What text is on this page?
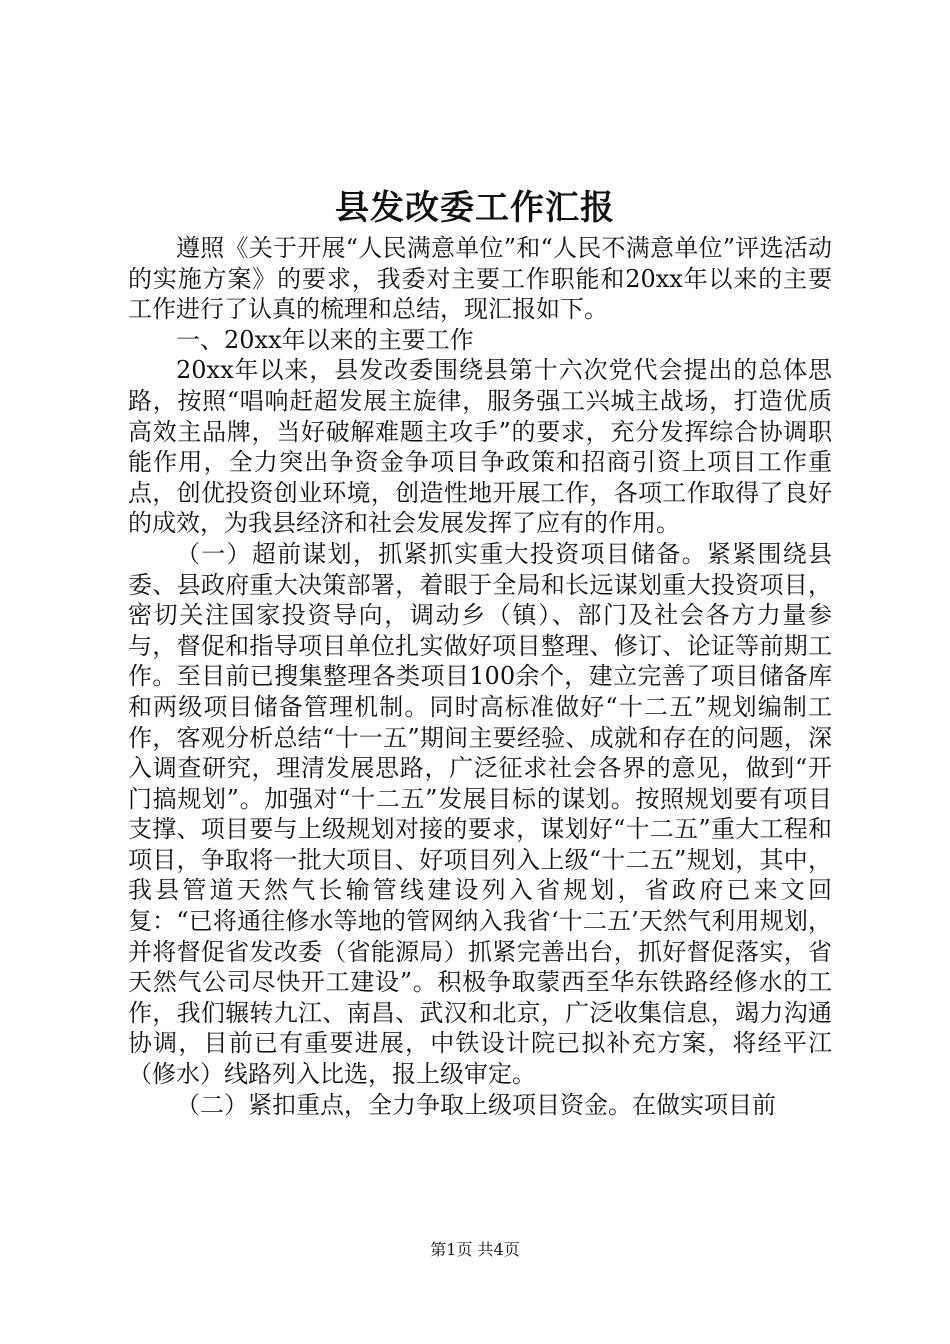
县发改委工作汇报

遵照《关于开展“人民满意单位”和“人民不满意单位”评选活动的实施方案》的要求，我委对主要工作职能和20xx年以来的主要工作进行了认真的梳理和总结，现汇报如下。

一、20xx年以来的主要工作

20xx年以来，县发改委围绕县第十六次党代会提出的总体思路，按照“唱响赶超发展主旋律，服务强工兴城主战场，打造优质高效主品牌，当好破解难题主攻手”的要求，充分发挥综合协调职能作用，全力突出争资金争项目争政策和招商引资上项目工作重点，创优投资创业环境，创造性地开展工作，各项工作取得了良好的成效，为我县经济和社会发展发挥了应有的作用。

（一）超前谋划，抓紧抓实重大投资项目储备。紧紧围绕县委、县政府重大决策部署，着眼于全局和长远谋划重大投资项目，密切关注国家投资导向，调动乡（镇）、部门及社会各方力量参与，督促和指导项目单位扎实做好项目整理、修订、论证等前期工作。至目前已搜集整理各类项目100余个，建立完善了项目储备库和两级项目储备管理机制。同时高标准做好“十二五”规划编制工作，客观分析总结“十一五”期间主要经验、成就和存在的问题，深入调查研究，理清发展思路，广泛征求社会各界的意见，做到“开门搞规划”。加强对“十二五”发展目标的谋划。按照规划要有项目支撑、项目要与上级规划对接的要求，谋划好“十二五”重大工程和项目，争取将一批大项目、好项目列入上级“十二五”规划，其中，我县管道天然气长输管线建设列入省规划，省政府已来文回复：“已将通往修水等地的管网纳入我省‘十二五’天然气利用规划，并将督促省发改委（省能源局）抓紧完善出台，抓好督促落实，省天然气公司尽快开工建设”。积极争取蒙西至华东铁路经修水的工作，我们辗转九江、南昌、武汉和北京，广泛收集信息，竭力沟通协调，目前已有重要进展，中铁设计院已拟补充方案，将经平江（修水）线路列入比选，报上级审定。

（二）紧扣重点，全力争取上级项目资金。在做实项目前

第1页 共4页
